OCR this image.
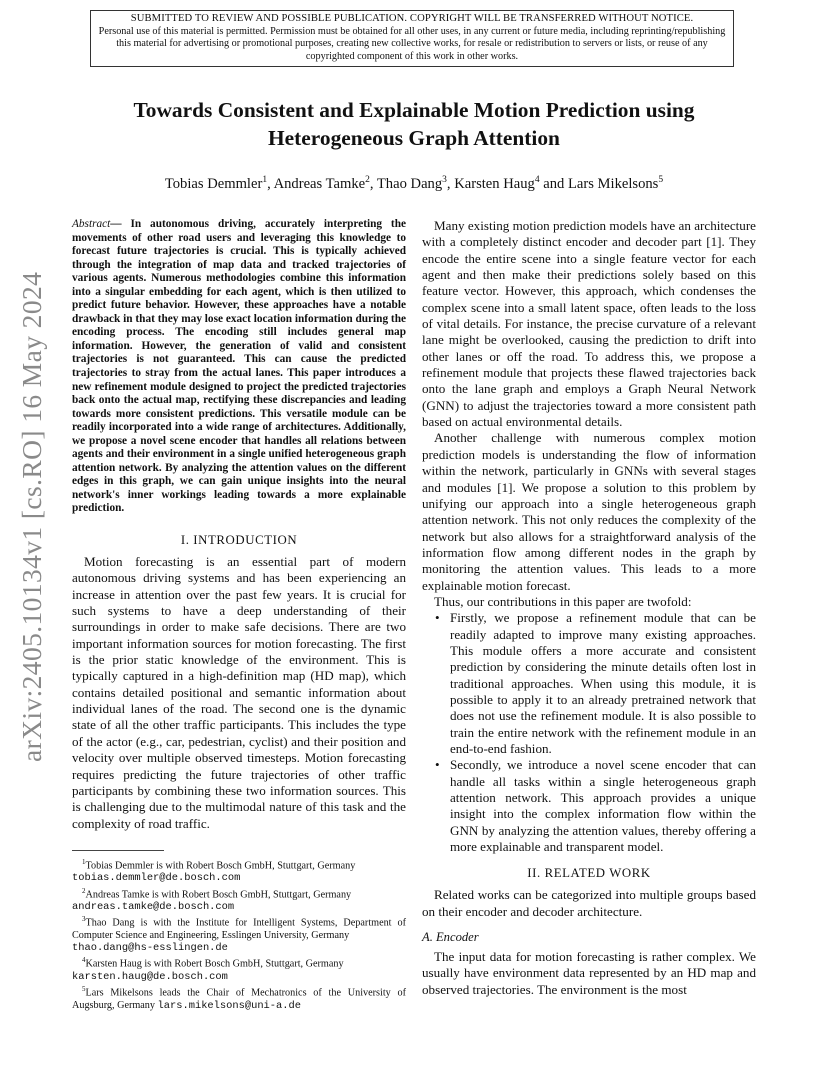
SUBMITTED TO REVIEW AND POSSIBLE PUBLICATION. COPYRIGHT WILL BE TRANSFERRED WITHOUT NOTICE.
Personal use of this material is permitted. Permission must be obtained for all other uses, in any current or future media, including reprinting/republishing this material for advertising or promotional purposes, creating new collective works, for resale or redistribution to servers or lists, or reuse of any copyrighted component of this work in other works.
arXiv:2405.10134v1 [cs.RO] 16 May 2024
Towards Consistent and Explainable Motion Prediction using Heterogeneous Graph Attention
Tobias Demmler$^1$, Andreas Tamke$^2$, Thao Dang$^3$, Karsten Haug$^4$ and Lars Mikelsons$^5$

Abstract— In autonomous driving, accurately interpreting the movements of other road users and leveraging this knowledge to forecast future trajectories is crucial. This is typically achieved through the integration of map data and tracked trajectories of various agents. Numerous methodologies combine this information into a singular embedding for each agent, which is then utilized to predict future behavior. However, these approaches have a notable drawback in that they may lose exact location information during the encoding process. The encoding still includes general map information. However, the generation of valid and consistent trajectories is not guaranteed. This can cause the predicted trajectories to stray from the actual lanes. This paper introduces a new refinement module designed to project the predicted trajectories back onto the actual map, rectifying these discrepancies and leading towards more consistent predictions. This versatile module can be readily incorporated into a wide range of architectures. Additionally, we propose a novel scene encoder that handles all relations between agents and their environment in a single unified heterogeneous graph attention network. By analyzing the attention values on the different edges in this graph, we can gain unique insights into the neural network's inner workings leading towards a more explainable prediction.

I. INTRODUCTION

Motion forecasting is an essential part of modern autonomous driving systems and has been experiencing an increase in attention over the past few years. It is crucial for such systems to have a deep understanding of their surroundings in order to make safe decisions. There are two important information sources for motion forecasting. The first is the prior static knowledge of the environment. This is typically captured in a high-definition map (HD map), which contains detailed positional and semantic information about individual lanes of the road. The second one is the dynamic state of all the other traffic participants. This includes the type of the actor (e.g., car, pedestrian, cyclist) and their position and velocity over multiple observed timesteps. Motion forecasting requires predicting the future trajectories of other traffic participants by combining these two information sources. This is challenging due to the multimodal nature of this task and the complexity of road traffic.

$^1$Tobias Demmler is with Robert Bosch GmbH, Stuttgart, Germany
tobias.demmler@de.bosch.com

$^2$Andreas Tamke is with Robert Bosch GmbH, Stuttgart, Germany
andreas.tamke@de.bosch.com

$^3$Thao Dang is with the Institute for Intelligent Systems, Department of Computer Science and Engineering, Esslingen University, Germany
thao.dang@hs-esslingen.de

$^4$Karsten Haug is with Robert Bosch GmbH, Stuttgart, Germany
karsten.haug@de.bosch.com

$^5$Lars Mikelsons leads the Chair of Mechatronics of the University of Augsburg, Germany lars.mikelsons@uni-a.de

Many existing motion prediction models have an architecture with a completely distinct encoder and decoder part [1]. They encode the entire scene into a single feature vector for each agent and then make their predictions solely based on this feature vector. However, this approach, which condenses the complex scene into a small latent space, often leads to the loss of vital details. For instance, the precise curvature of a relevant lane might be overlooked, causing the prediction to drift into other lanes or off the road. To address this, we propose a refinement module that projects these flawed trajectories back onto the lane graph and employs a Graph Neural Network (GNN) to adjust the trajectories toward a more consistent path based on actual environmental details.

Another challenge with numerous complex motion prediction models is understanding the flow of information within the network, particularly in GNNs with several stages and modules [1]. We propose a solution to this problem by unifying our approach into a single heterogeneous graph attention network. This not only reduces the complexity of the network but also allows for a straightforward analysis of the information flow among different nodes in the graph by monitoring the attention values. This leads to a more explainable motion forecast.

Thus, our contributions in this paper are twofold:

• Firstly, we propose a refinement module that can be readily adapted to improve many existing approaches. This module offers a more accurate and consistent prediction by considering the minute details often lost in traditional approaches. When using this module, it is possible to apply it to an already pretrained network that does not use the refinement module. It is also possible to train the entire network with the refinement module in an end-to-end fashion.
• Secondly, we introduce a novel scene encoder that can handle all tasks within a single heterogeneous graph attention network. This approach provides a unique insight into the complex information flow within the GNN by analyzing the attention values, thereby offering a more explainable and transparent model.

II. RELATED WORK

Related works can be categorized into multiple groups based on their encoder and decoder architecture.

A. Encoder

The input data for motion forecasting is rather complex. We usually have environment data represented by an HD map and observed trajectories. The environment is the most
